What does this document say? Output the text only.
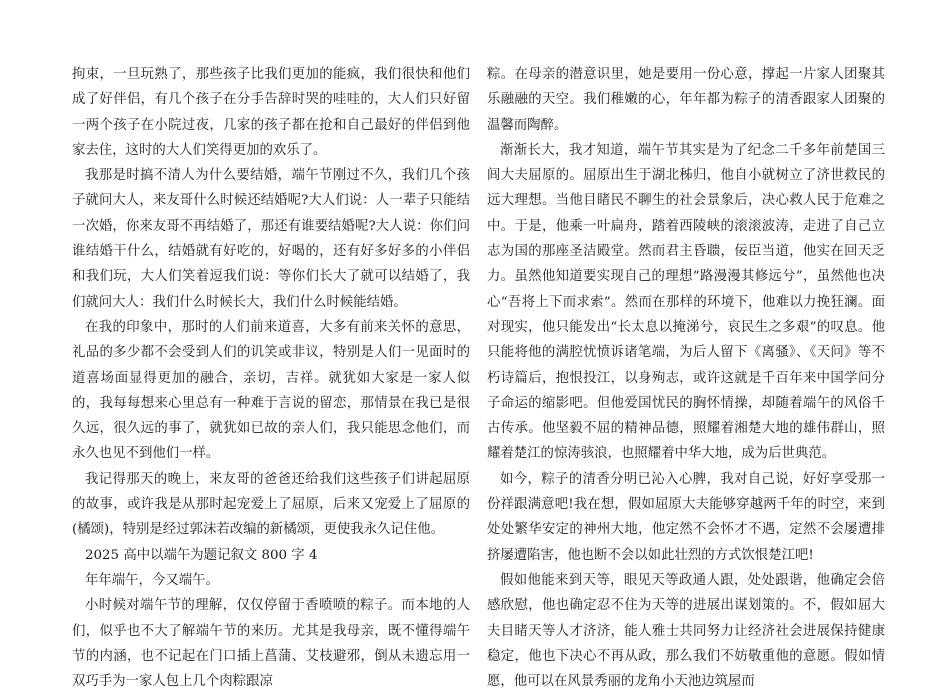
拘束，一旦玩熟了，那些孩子比我们更加的能疯，我们很快和他们成了好伴侣，有几个孩子在分手告辞时哭的哇哇的，大人们只好留一两个孩子在小院过夜，几家的孩子都在抢和自己最好的伴侣到他家去住，这时的大人们笑得更加的欢乐了。

我那是时搞不清人为什么要结婚，端午节刚过不久，我们几个孩子就问大人，来友哥什么时候还结婚呢?大人们说：人一辈子只能结一次婚，你来友哥不再结婚了，那还有谁要结婚呢?大人说：你们问谁结婚干什么，结婚就有好吃的，好喝的，还有好多好多的小伴侣和我们玩，大人们笑着逗我们说：等你们长大了就可以结婚了，我们就问大人：我们什么时候长大，我们什么时候能结婚。

在我的印象中，那时的人们前来道喜，大多有前来关怀的意思，礼品的多少都不会受到人们的讥笑或非议，特别是人们一见面时的道喜场面显得更加的融合，亲切，吉祥。就犹如大家是一家人似的，我每每想来心里总有一种难于言说的留恋，那情景在我已是很久远，很久远的事了，就犹如已故的亲人们，我只能思念他们，而永久也见不到他们一样。

我记得那天的晚上，来友哥的爸爸还给我们这些孩子们讲起屈原的故事，或许我是从那时起宠爱上了屈原，后来又宠爱上了屈原的(橘颂)，特别是经过郭沫若改编的新橘颂，更使我永久记住他。

2025 高中以端午为题记叙文 800 字 4

年年端午，今又端午。

小时候对端午节的理解，仅仅停留于香喷喷的粽子。而本地的人们，似乎也不大了解端午节的来历。尤其是我母亲，既不懂得端午节的内涵，也不记起在门口插上菖蒲、艾枝避邪，倒从未遗忘用一双巧手为一家人包上几个肉粽跟凉

粽。在母亲的潜意识里，她是要用一份心意，撑起一片家人团聚其乐融融的天空。我们稚嫩的心，年年都为粽子的清香跟家人团聚的温馨而陶醉。

渐渐长大，我才知道，端午节其实是为了纪念二千多年前楚国三闾大夫屈原的。屈原出生于湖北秭归，他自小就树立了济世救民的远大理想。当他目睹民不聊生的社会景象后，决心救人民于危难之中。于是，他乘一叶扁舟，踏着西陵峡的滚滚波涛，走进了自己立志为国的那座圣洁殿堂。然而君主昏聩，佞臣当道，他实在回天乏力。虽然他知道要实现自己的理想“路漫漫其修远兮”，虽然他也决心“吾将上下而求索”。然而在那样的环境下，他难以力挽狂澜。面对现实，他只能发出“长太息以掩涕兮，哀民生之多艰”的叹息。他只能将他的满腔忧愤诉诸笔端，为后人留下《离骚》、《天问》等不朽诗篇后，抱恨投江，以身殉志，或许这就是千百年来中国学问分子命运的缩影吧。但他爱国忧民的胸怀情操，却随着端午的风俗千古传承。他坚毅不屈的精神品德，照耀着湘楚大地的雄伟群山，照耀着楚江的惊涛骇浪，也照耀着中华大地，成为后世典范。

如今，粽子的清香分明已沁入心脾，我对自己说，好好享受那一份祥跟满意吧!我在想，假如屈原大夫能够穿越两千年的时空，来到处处繁华安定的神州大地，他定然不会怀才不遇，定然不会屡遭排挤屡遭陷害，他也断不会以如此壮烈的方式饮恨楚江吧!

假如他能来到天等，眼见天等政通人跟，处处跟谐，他确定会倍感欣慰，他也确定忍不住为天等的进展出谋划策的。不，假如屈大夫目睹天等人才济济，能人雅士共同努力让经济社会进展保持健康稳定，他也下决心不再从政，那么我们不妨敬重他的意愿。假如情愿，他可以在风景秀丽的龙角小天池边筑屋而
